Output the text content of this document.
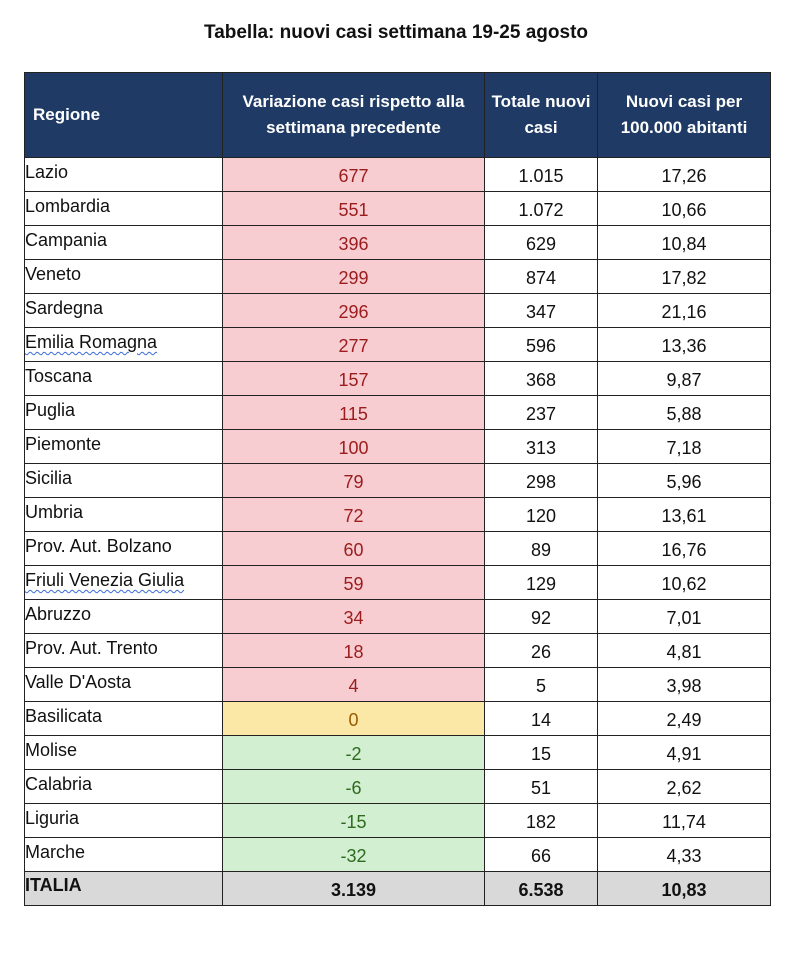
Tabella: nuovi casi settimana 19-25 agosto
Regione	Variazione casi rispetto alla settimana precedente	Totale nuovi casi	Nuovi casi per 100.000 abitanti
Lazio	677	1.015	17,26
Lombardia	551	1.072	10,66
Campania	396	629	10,84
Veneto	299	874	17,82
Sardegna	296	347	21,16
Emilia Romagna	277	596	13,36
Toscana	157	368	9,87
Puglia	115	237	5,88
Piemonte	100	313	7,18
Sicilia	79	298	5,96
Umbria	72	120	13,61
Prov. Aut. Bolzano	60	89	16,76
Friuli Venezia Giulia	59	129	10,62
Abruzzo	34	92	7,01
Prov. Aut. Trento	18	26	4,81
Valle D'Aosta	4	5	3,98
Basilicata	0	14	2,49
Molise	-2	15	4,91
Calabria	-6	51	2,62
Liguria	-15	182	11,74
Marche	-32	66	4,33
ITALIA	3.139	6.538	10,83
